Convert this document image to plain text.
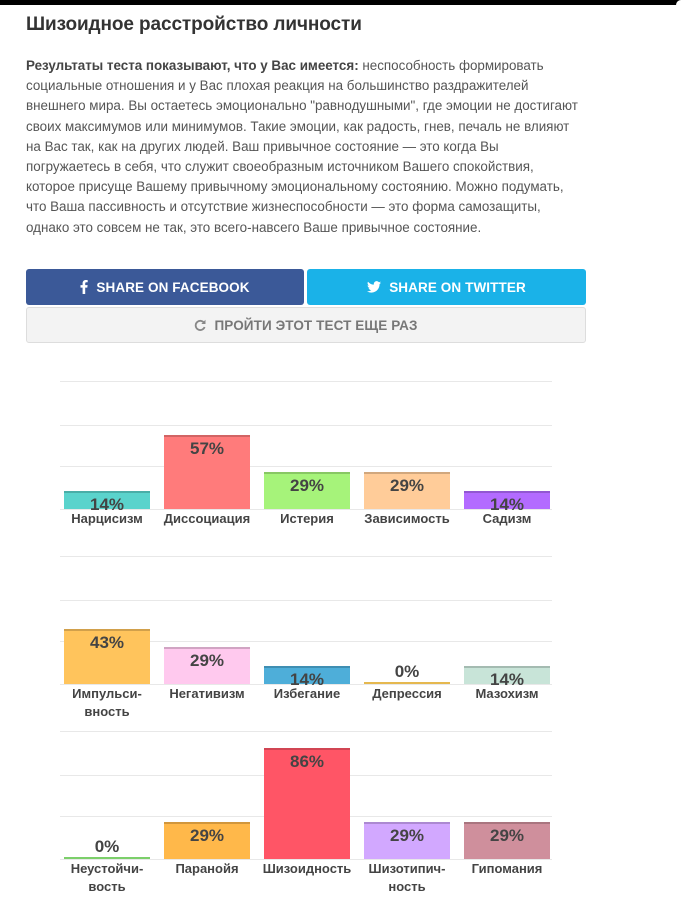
Шизоидное расстройство личности

Результаты теста показывают, что у Вас имеется: неспособность формировать социальные отношения и у Вас плохая реакция на большинство раздражителей внешнего мира. Вы остаетесь эмоционально "равнодушными", где эмоции не достигают своих максимумов или минимумов. Такие эмоции, как радость, гнев, печаль не влияют на Вас так, как на других людей. Ваш привычное состояние — это когда Вы погружаетесь в себя, что служит своеобразным источником Вашего спокойствия, которое присуще Вашему привычному эмоциональному состоянию. Можно подумать, что Ваша пассивность и отсутствие жизнеспособности — это форма самозащиты, однако это совсем не так, это всего-навсего Ваше привычное состояние.

SHARE ON FACEBOOK	SHARE ON TWITTER
ПРОЙТИ ЭТОТ ТЕСТ ЕЩЕ РАЗ
14%
Нарцисизм
57%
Диссоциация
29%
Истерия
29%
Зависимость
14%
Садизм
43%
Импульси-
вность
29%
Негативизм
14%
Избегание
0%
Депрессия
14%
Мазохизм
0%
Неустойчи-
вость
29%
Паранойя
86%
Шизоидность
29%
Шизотипич-
ность
29%
Гипомания
